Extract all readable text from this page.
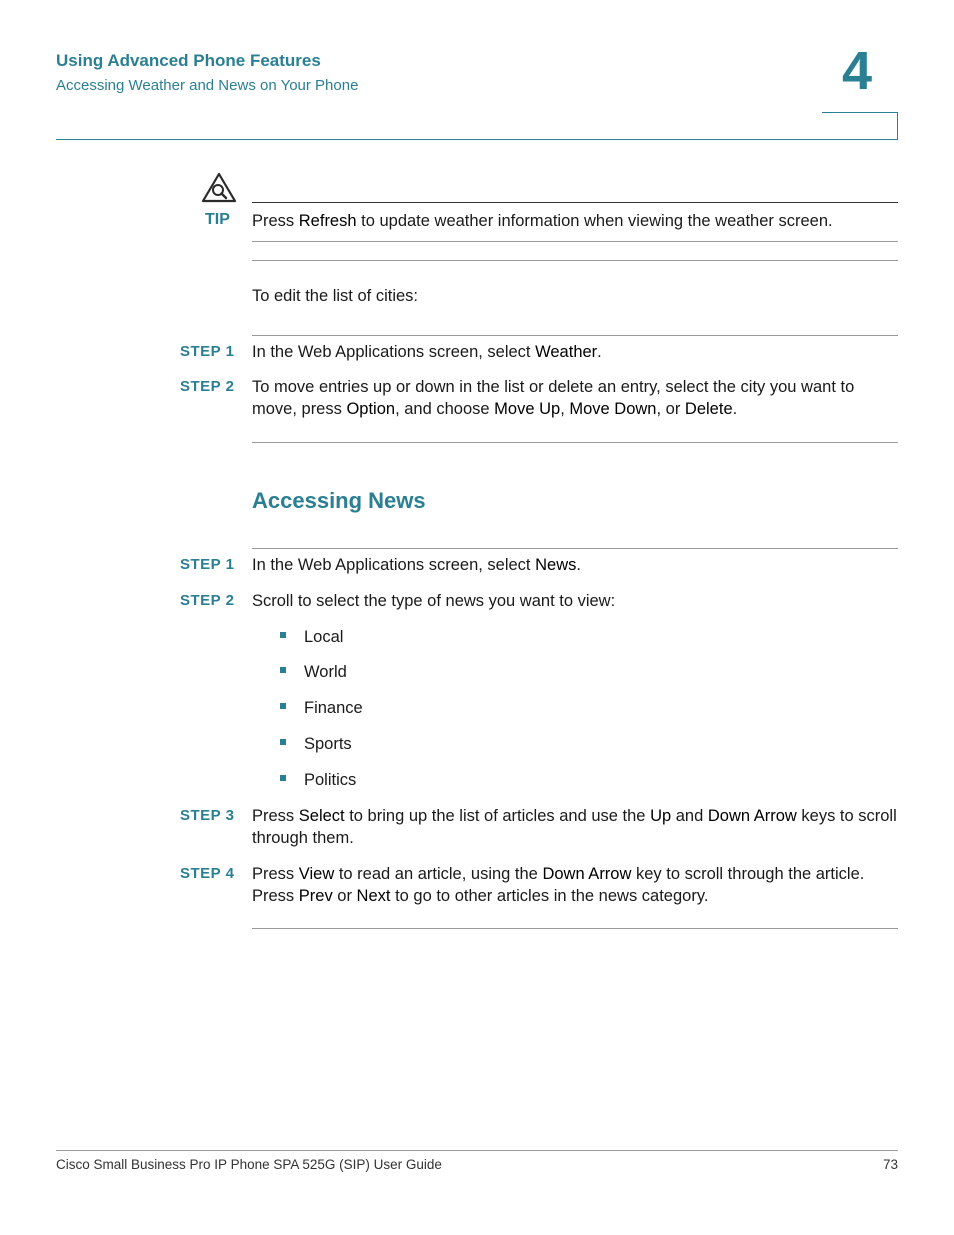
Using Advanced Phone Features
Accessing Weather and News on Your Phone	4
TIP Press Refresh to update weather information when viewing the weather screen.
To edit the list of cities:
STEP 1 In the Web Applications screen, select Weather.
STEP 2 To move entries up or down in the list or delete an entry, select the city you want to move, press Option, and choose Move Up, Move Down, or Delete.
Accessing News
STEP 1 In the Web Applications screen, select News.
STEP 2 Scroll to select the type of news you want to view:
Local
World
Finance
Sports
Politics
STEP 3 Press Select to bring up the list of articles and use the Up and Down Arrow keys to scroll through them.
STEP 4 Press View to read an article, using the Down Arrow key to scroll through the article. Press Prev or Next to go to other articles in the news category.
Cisco Small Business Pro IP Phone SPA 525G (SIP) User Guide	73
